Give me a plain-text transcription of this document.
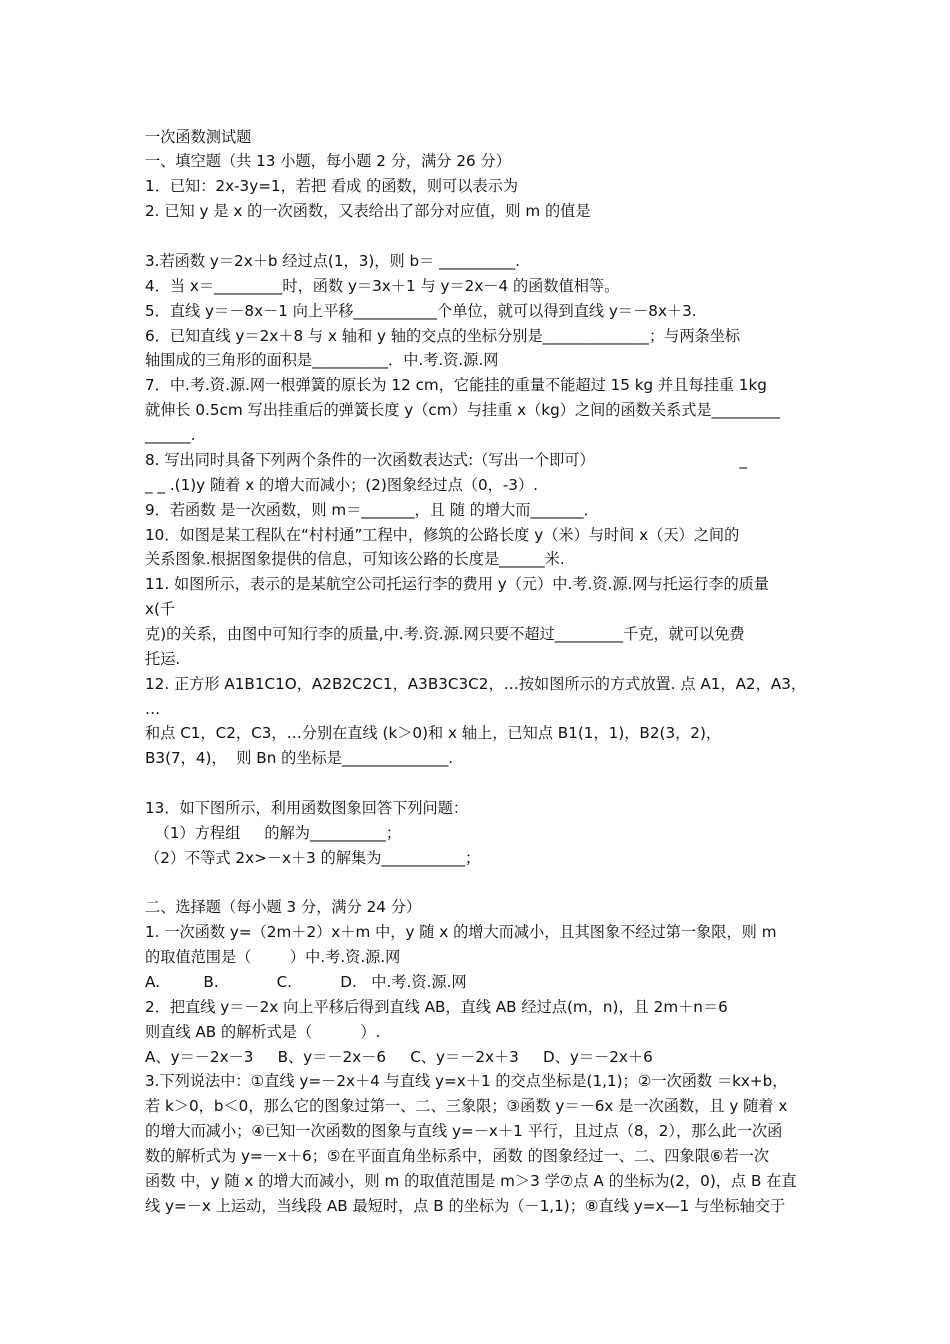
一次函数测试题
一、填空题（共 13 小题，每小题 2 分，满分 26 分）
1．已知：2x-3y=1，若把 看成 的函数，则可以表示为
2. 已知 y 是 x 的一次函数，又表给出了部分对应值，则 m 的值是
3.若函数 y＝2x＋b 经过点(1，3)，则 b＝ __________.
4．当 x＝_________时，函数 y＝3x＋1 与 y＝2x－4 的函数值相等。
5．直线 y＝－8x－1 向上平移___________个单位，就可以得到直线 y＝－8x＋3.
6．已知直线 y＝2x＋8 与 x 轴和 y 轴的交点的坐标分别是______________；与两条坐标
轴围成的三角形的面积是__________．中.考.资.源.网
7．中.考.资.源.网一根弹簧的原长为 12 cm，它能挂的重量不能超过 15 kg 并且每挂重 1kg
就伸长 0.5cm 写出挂重后的弹簧长度 y（cm）与挂重 x（kg）之间的函数关系式是_________
______.
8. 写出同时具备下列两个条件的一次函数表达式:（写出一个即可）                              _
_ _ .(1)y 随着 x 的增大而减小；(2)图象经过点（0，-3）.
9．若函数 是一次函数，则 m＝_______，且 随 的增大而_______．
10．如图是某工程队在“村村通”工程中，修筑的公路长度 y（米）与时间 x（天）之间的
关系图象.根据图象提供的信息，可知该公路的长度是______米.
11. 如图所示，表示的是某航空公司托运行李的费用 y（元）中.考.资.源.网与托运行李的质量
x(千
克)的关系，由图中可知行李的质量,中.考.资.源.网只要不超过_________千克，就可以免费
托运.
12. 正方形 A1B1C1O，A2B2C2C1，A3B3C3C2，…按如图所示的方式放置. 点 A1，A2，A3，
…
和点 C1，C2，C3，…分别在直线 (k＞0)和 x 轴上，已知点 B1(1，1)，B2(3，2)，
B3(7，4)，  则 Bn 的坐标是______________.
13．如下图所示，利用函数图象回答下列问题：
（1）方程组     的解为__________；
（2）不等式 2x>－x＋3 的解集为___________；
二、选择题（每小题 3 分，满分 24 分）
1. 一次函数 y=（2m＋2）x＋m 中，y 随 x 的增大而减小，且其图象不经过第一象限，则 m
的取值范围是（        ）中.考.资.源.网
A.         B.            C.          D.   中.考.资.源.网
2．把直线 y＝－2x 向上平移后得到直线 AB，直线 AB 经过点(m，n)，且 2m＋n＝6
则直线 AB 的解析式是（          ）.
A、y＝－2x－3     B、y＝－2x－6     C、y＝－2x＋3     D、y＝－2x＋6
3.下列说法中：①直线 y=－2x＋4 与直线 y=x＋1 的交点坐标是(1,1)；②一次函数 ＝kx+b，
若 k＞0，b＜0，那么它的图象过第一、二、三象限；③函数 y＝－6x 是一次函数，且 y 随着 x
的增大而减小；④已知一次函数的图象与直线 y=－x＋1 平行，且过点（8，2），那么此一次函
数的解析式为 y=－x＋6；⑤在平面直角坐标系中，函数 的图象经过一、二、四象限⑥若一次
函数 中，y 随 x 的增大而减小，则 m 的取值范围是 m＞3 学⑦点 A 的坐标为(2，0)，点 B 在直
线 y=－x 上运动，当线段 AB 最短时，点 B 的坐标为（－1,1)；⑧直线 y=x—1 与坐标轴交于
